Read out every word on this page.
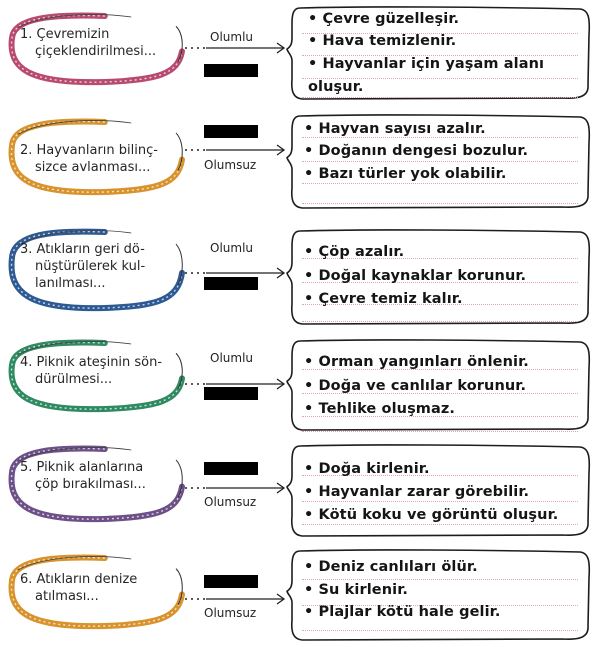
1. Çevremizin
çiçeklendirilmesi...
Olumlu
• Çevre güzelleşir.
• Hava temizlenir.
• Hayvanlar için yaşam alanı
oluşur.
2. Hayvanların bilinç-
sizce avlanması...	Olumsuz
• Hayvan sayısı azalır.
• Doğanın dengesi bozulur.
• Bazı türler yok olabilir.
3. Atıkların geri dö-
nüştürülerek kul-
lanılması...
Olumlu	• Çöp azalır.
• Doğal kaynaklar korunur.
• Çevre temiz kalır.
4. Piknik ateşinin sön-
dürülmesi...
Olumlu	• Orman yangınları önlenir.
• Doğa ve canlılar korunur.
• Tehlike oluşmaz.
5. Piknik alanlarına
çöp bırakılması...
Olumsuz
• Doğa kirlenir.
• Hayvanlar zarar görebilir.
• Kötü koku ve görüntü oluşur.
6. Atıkların denize
atılması...
Olumsuz
• Deniz canlıları ölür.
• Su kirlenir.
• Plajlar kötü hale gelir.
